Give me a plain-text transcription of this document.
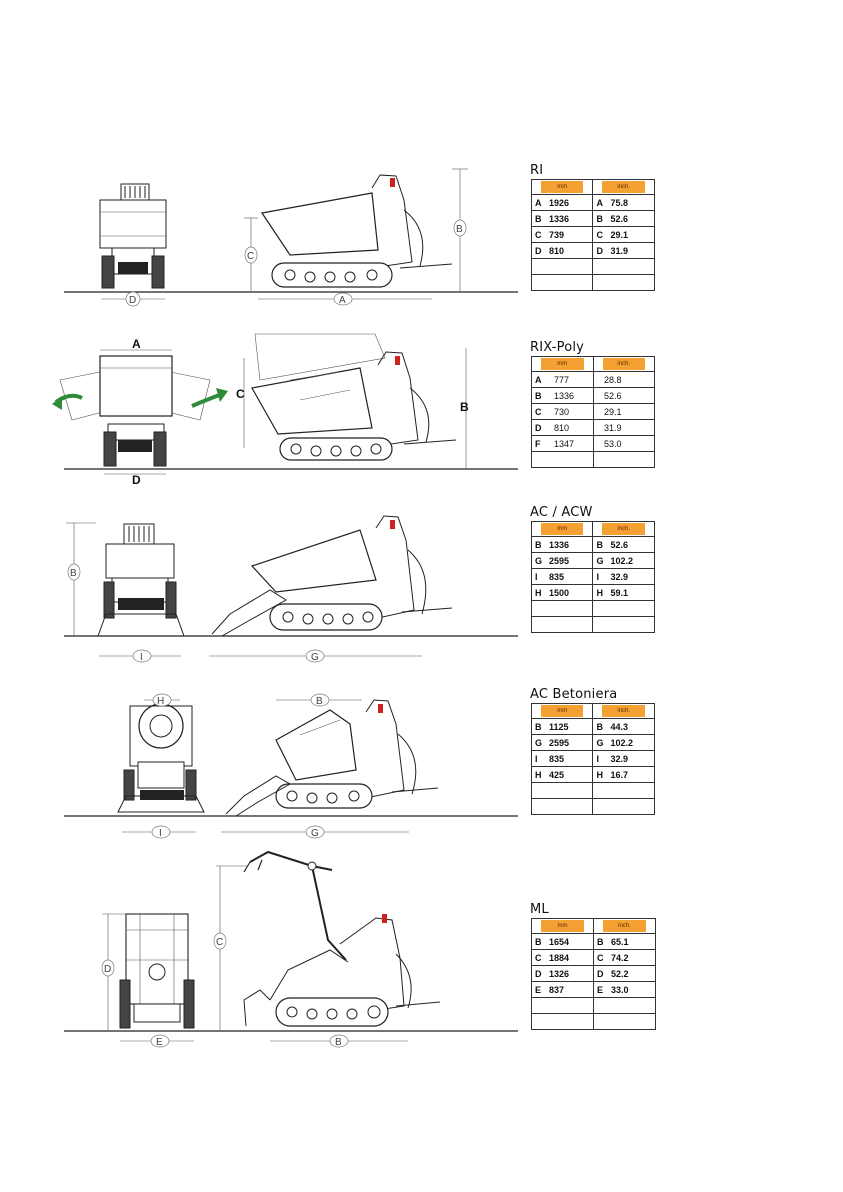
RI
mm	inch.

A 1926	A 75.8
B 1336	B 52.6
C 739	C 29.1
D 810	D 31.9

RIX-Poly
mm	inch.

A 777	28.8
B 1336	52.6
C 730	29.1
D 810	31.9
F 1347	53.0

AC / ACW
mm	inch.

B 1336	B 52.6
G 2595	G 102.2
I 835	I 32.9
H 1500	H 59.1

AC Betoniera
mm	inch.

B 1125	B 44.3
G 2595	G 102.2
I 835	I 32.9
H 425	H 16.7

ML
mm	inch.

B 1654	B 65.1
C 1884	C 74.2
D 1326	D 52.2
E 837	E 33.0

D	A
C
B
A
D
C
B
B
I	G
H
I
B
G
D
E
C
B
